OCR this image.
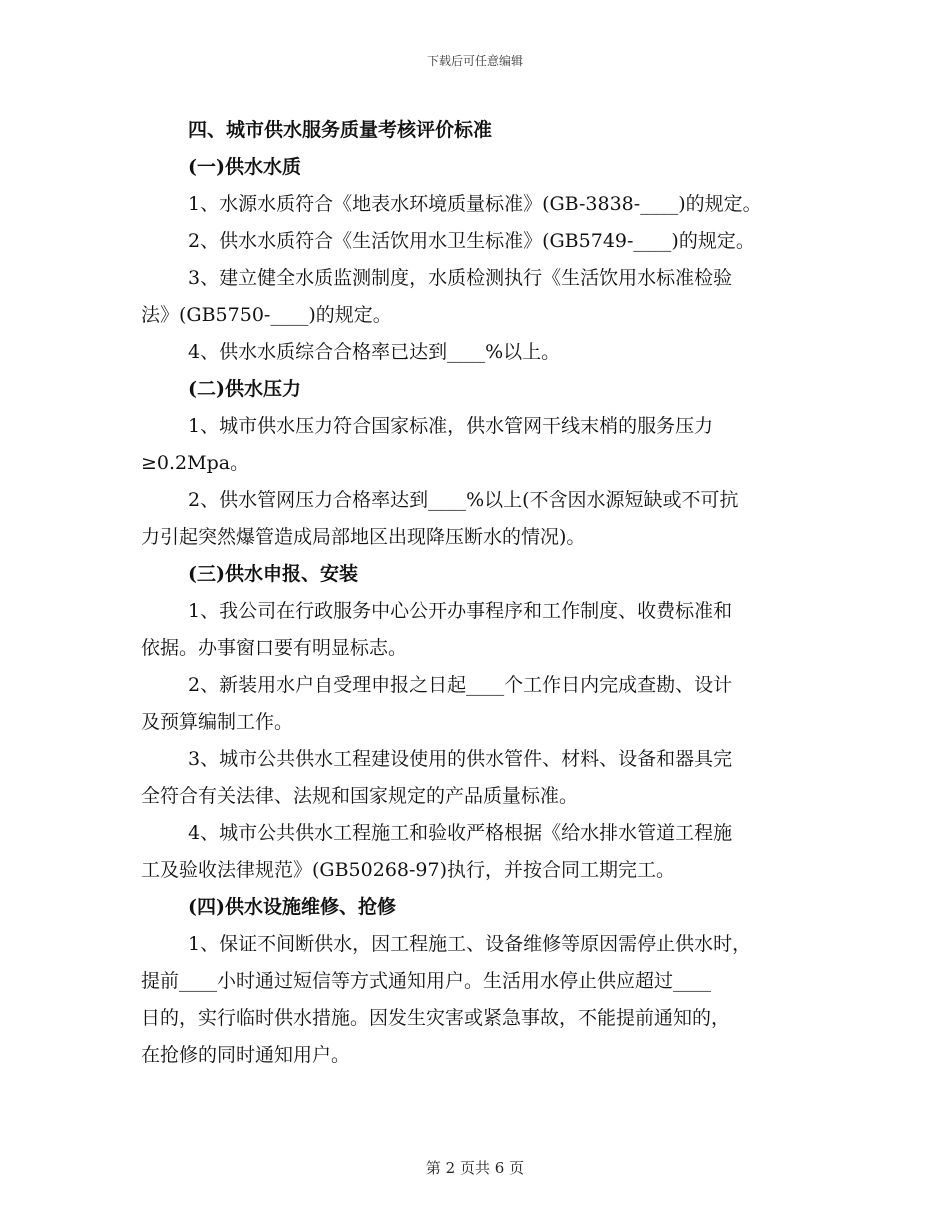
下载后可任意编辑
四、城市供水服务质量考核评价标准
(一)供水水质
1、水源水质符合《地表水环境质量标准》(GB-3838-____)的规定。
2、供水水质符合《生活饮用水卫生标准》(GB5749-____)的规定。
3、建立健全水质监测制度，水质检测执行《生活饮用水标准检验
法》(GB5750-____)的规定。
4、供水水质综合合格率已达到____%以上。
(二)供水压力
1、城市供水压力符合国家标准，供水管网干线末梢的服务压力
≥0.2Mpa。
2、供水管网压力合格率达到____%以上(不含因水源短缺或不可抗
力引起突然爆管造成局部地区出现降压断水的情况)。
(三)供水申报、安装
1、我公司在行政服务中心公开办事程序和工作制度、收费标准和
依据。办事窗口要有明显标志。
2、新装用水户自受理申报之日起____个工作日内完成查勘、设计
及预算编制工作。
3、城市公共供水工程建设使用的供水管件、材料、设备和器具完
全符合有关法律、法规和国家规定的产品质量标准。
4、城市公共供水工程施工和验收严格根据《给水排水管道工程施
工及验收法律规范》(GB50268-97)执行，并按合同工期完工。
(四)供水设施维修、抢修
1、保证不间断供水，因工程施工、设备维修等原因需停止供水时，
提前____小时通过短信等方式通知用户。生活用水停止供应超过____
日的，实行临时供水措施。因发生灾害或紧急事故，不能提前通知的，
在抢修的同时通知用户。
第 2 页共 6 页
